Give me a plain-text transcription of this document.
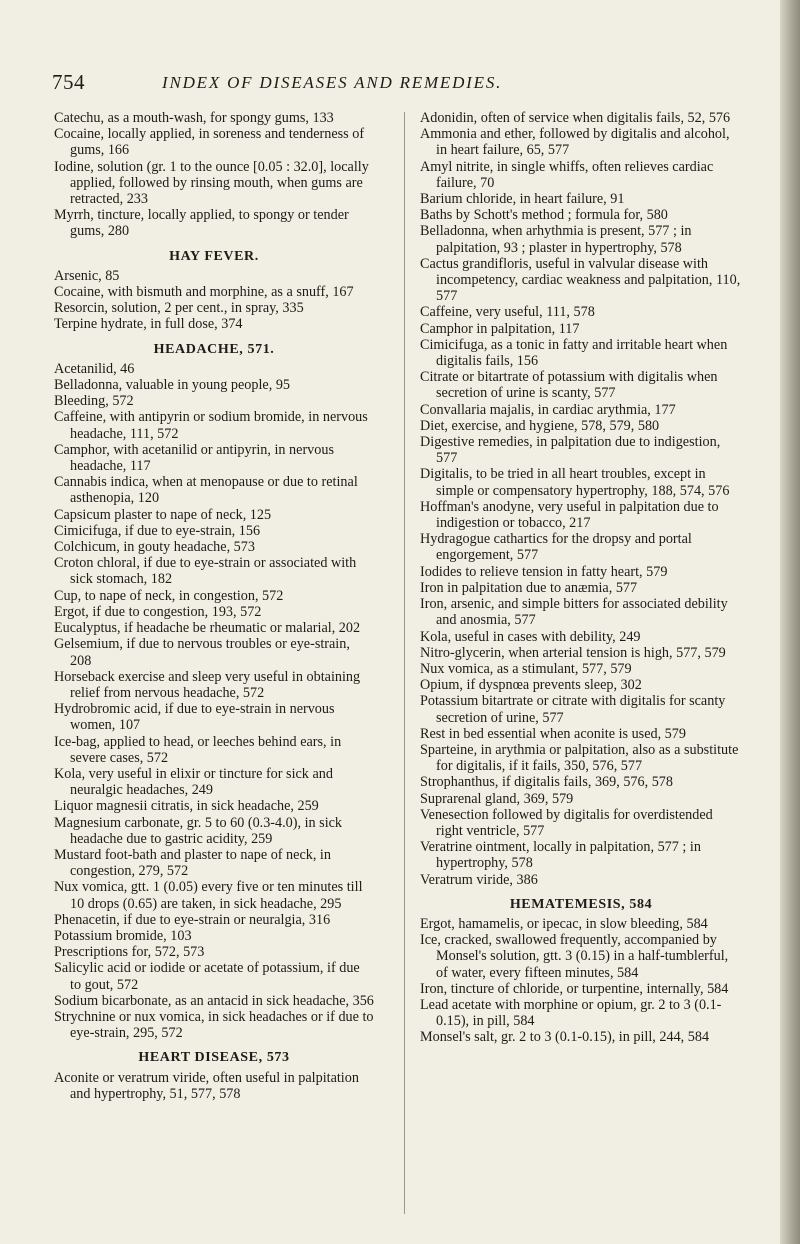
754	INDEX OF DISEASES AND REMEDIES.

Catechu, as a mouth-wash, for spongy gums, 133

Cocaine, locally applied, in soreness and tenderness of gums, 166

Iodine, solution (gr. 1 to the ounce [0.05 : 32.0], locally applied, followed by rinsing mouth, when gums are retracted, 233

Myrrh, tincture, locally applied, to spongy or tender gums, 280

HAY FEVER.

Arsenic, 85

Cocaine, with bismuth and morphine, as a snuff, 167

Resorcin, solution, 2 per cent., in spray, 335

Terpine hydrate, in full dose, 374

HEADACHE, 571.

Acetanilid, 46

Belladonna, valuable in young people, 95

Bleeding, 572

Caffeine, with antipyrin or sodium bromide, in nervous headache, 111, 572

Camphor, with acetanilid or antipyrin, in nervous headache, 117

Cannabis indica, when at menopause or due to retinal asthenopia, 120

Capsicum plaster to nape of neck, 125

Cimicifuga, if due to eye-strain, 156

Colchicum, in gouty headache, 573

Croton chloral, if due to eye-strain or associated with sick stomach, 182

Cup, to nape of neck, in congestion, 572

Ergot, if due to congestion, 193, 572

Eucalyptus, if headache be rheumatic or malarial, 202

Gelsemium, if due to nervous troubles or eye-strain, 208

Horseback exercise and sleep very useful in obtaining relief from nervous headache, 572

Hydrobromic acid, if due to eye-strain in nervous women, 107

Ice-bag, applied to head, or leeches behind ears, in severe cases, 572

Kola, very useful in elixir or tincture for sick and neuralgic headaches, 249

Liquor magnesii citratis, in sick headache, 259

Magnesium carbonate, gr. 5 to 60 (0.3-4.0), in sick headache due to gastric acidity, 259

Mustard foot-bath and plaster to nape of neck, in congestion, 279, 572

Nux vomica, gtt. 1 (0.05) every five or ten minutes till 10 drops (0.65) are taken, in sick headache, 295

Phenacetin, if due to eye-strain or neuralgia, 316

Potassium bromide, 103

Prescriptions for, 572, 573

Salicylic acid or iodide or acetate of potassium, if due to gout, 572

Sodium bicarbonate, as an antacid in sick headache, 356

Strychnine or nux vomica, in sick headaches or if due to eye-strain, 295, 572

HEART DISEASE, 573

Aconite or veratrum viride, often useful in palpitation and hypertrophy, 51, 577, 578

Adonidin, often of service when digitalis fails, 52, 576

Ammonia and ether, followed by digitalis and alcohol, in heart failure, 65, 577

Amyl nitrite, in single whiffs, often relieves cardiac failure, 70

Barium chloride, in heart failure, 91

Baths by Schott's method ; formula for, 580

Belladonna, when arhythmia is present, 577 ; in palpitation, 93 ; plaster in hypertrophy, 578

Cactus grandifloris, useful in valvular disease with incompetency, cardiac weakness and palpitation, 110, 577

Caffeine, very useful, 111, 578

Camphor in palpitation, 117

Cimicifuga, as a tonic in fatty and irritable heart when digitalis fails, 156

Citrate or bitartrate of potassium with digitalis when secretion of urine is scanty, 577

Convallaria majalis, in cardiac arythmia, 177

Diet, exercise, and hygiene, 578, 579, 580

Digestive remedies, in palpitation due to indigestion, 577

Digitalis, to be tried in all heart troubles, except in simple or compensatory hypertrophy, 188, 574, 576

Hoffman's anodyne, very useful in palpitation due to indigestion or tobacco, 217

Hydragogue cathartics for the dropsy and portal engorgement, 577

Iodides to relieve tension in fatty heart, 579

Iron in palpitation due to anæmia, 577

Iron, arsenic, and simple bitters for associated debility and anosmia, 577

Kola, useful in cases with debility, 249

Nitro-glycerin, when arterial tension is high, 577, 579

Nux vomica, as a stimulant, 577, 579

Opium, if dyspnœa prevents sleep, 302

Potassium bitartrate or citrate with digitalis for scanty secretion of urine, 577

Rest in bed essential when aconite is used, 579

Sparteine, in arythmia or palpitation, also as a substitute for digitalis, if it fails, 350, 576, 577

Strophanthus, if digitalis fails, 369, 576, 578

Suprarenal gland, 369, 579

Venesection followed by digitalis for overdistended right ventricle, 577

Veratrine ointment, locally in palpitation, 577 ; in hypertrophy, 578

Veratrum viride, 386

HEMATEMESIS, 584

Ergot, hamamelis, or ipecac, in slow bleeding, 584

Ice, cracked, swallowed frequently, accompanied by Monsel's solution, gtt. 3 (0.15) in a half-tumblerful, of water, every fifteen minutes, 584

Iron, tincture of chloride, or turpentine, internally, 584

Lead acetate with morphine or opium, gr. 2 to 3 (0.1-0.15), in pill, 584

Monsel's salt, gr. 2 to 3 (0.1-0.15), in pill, 244, 584
